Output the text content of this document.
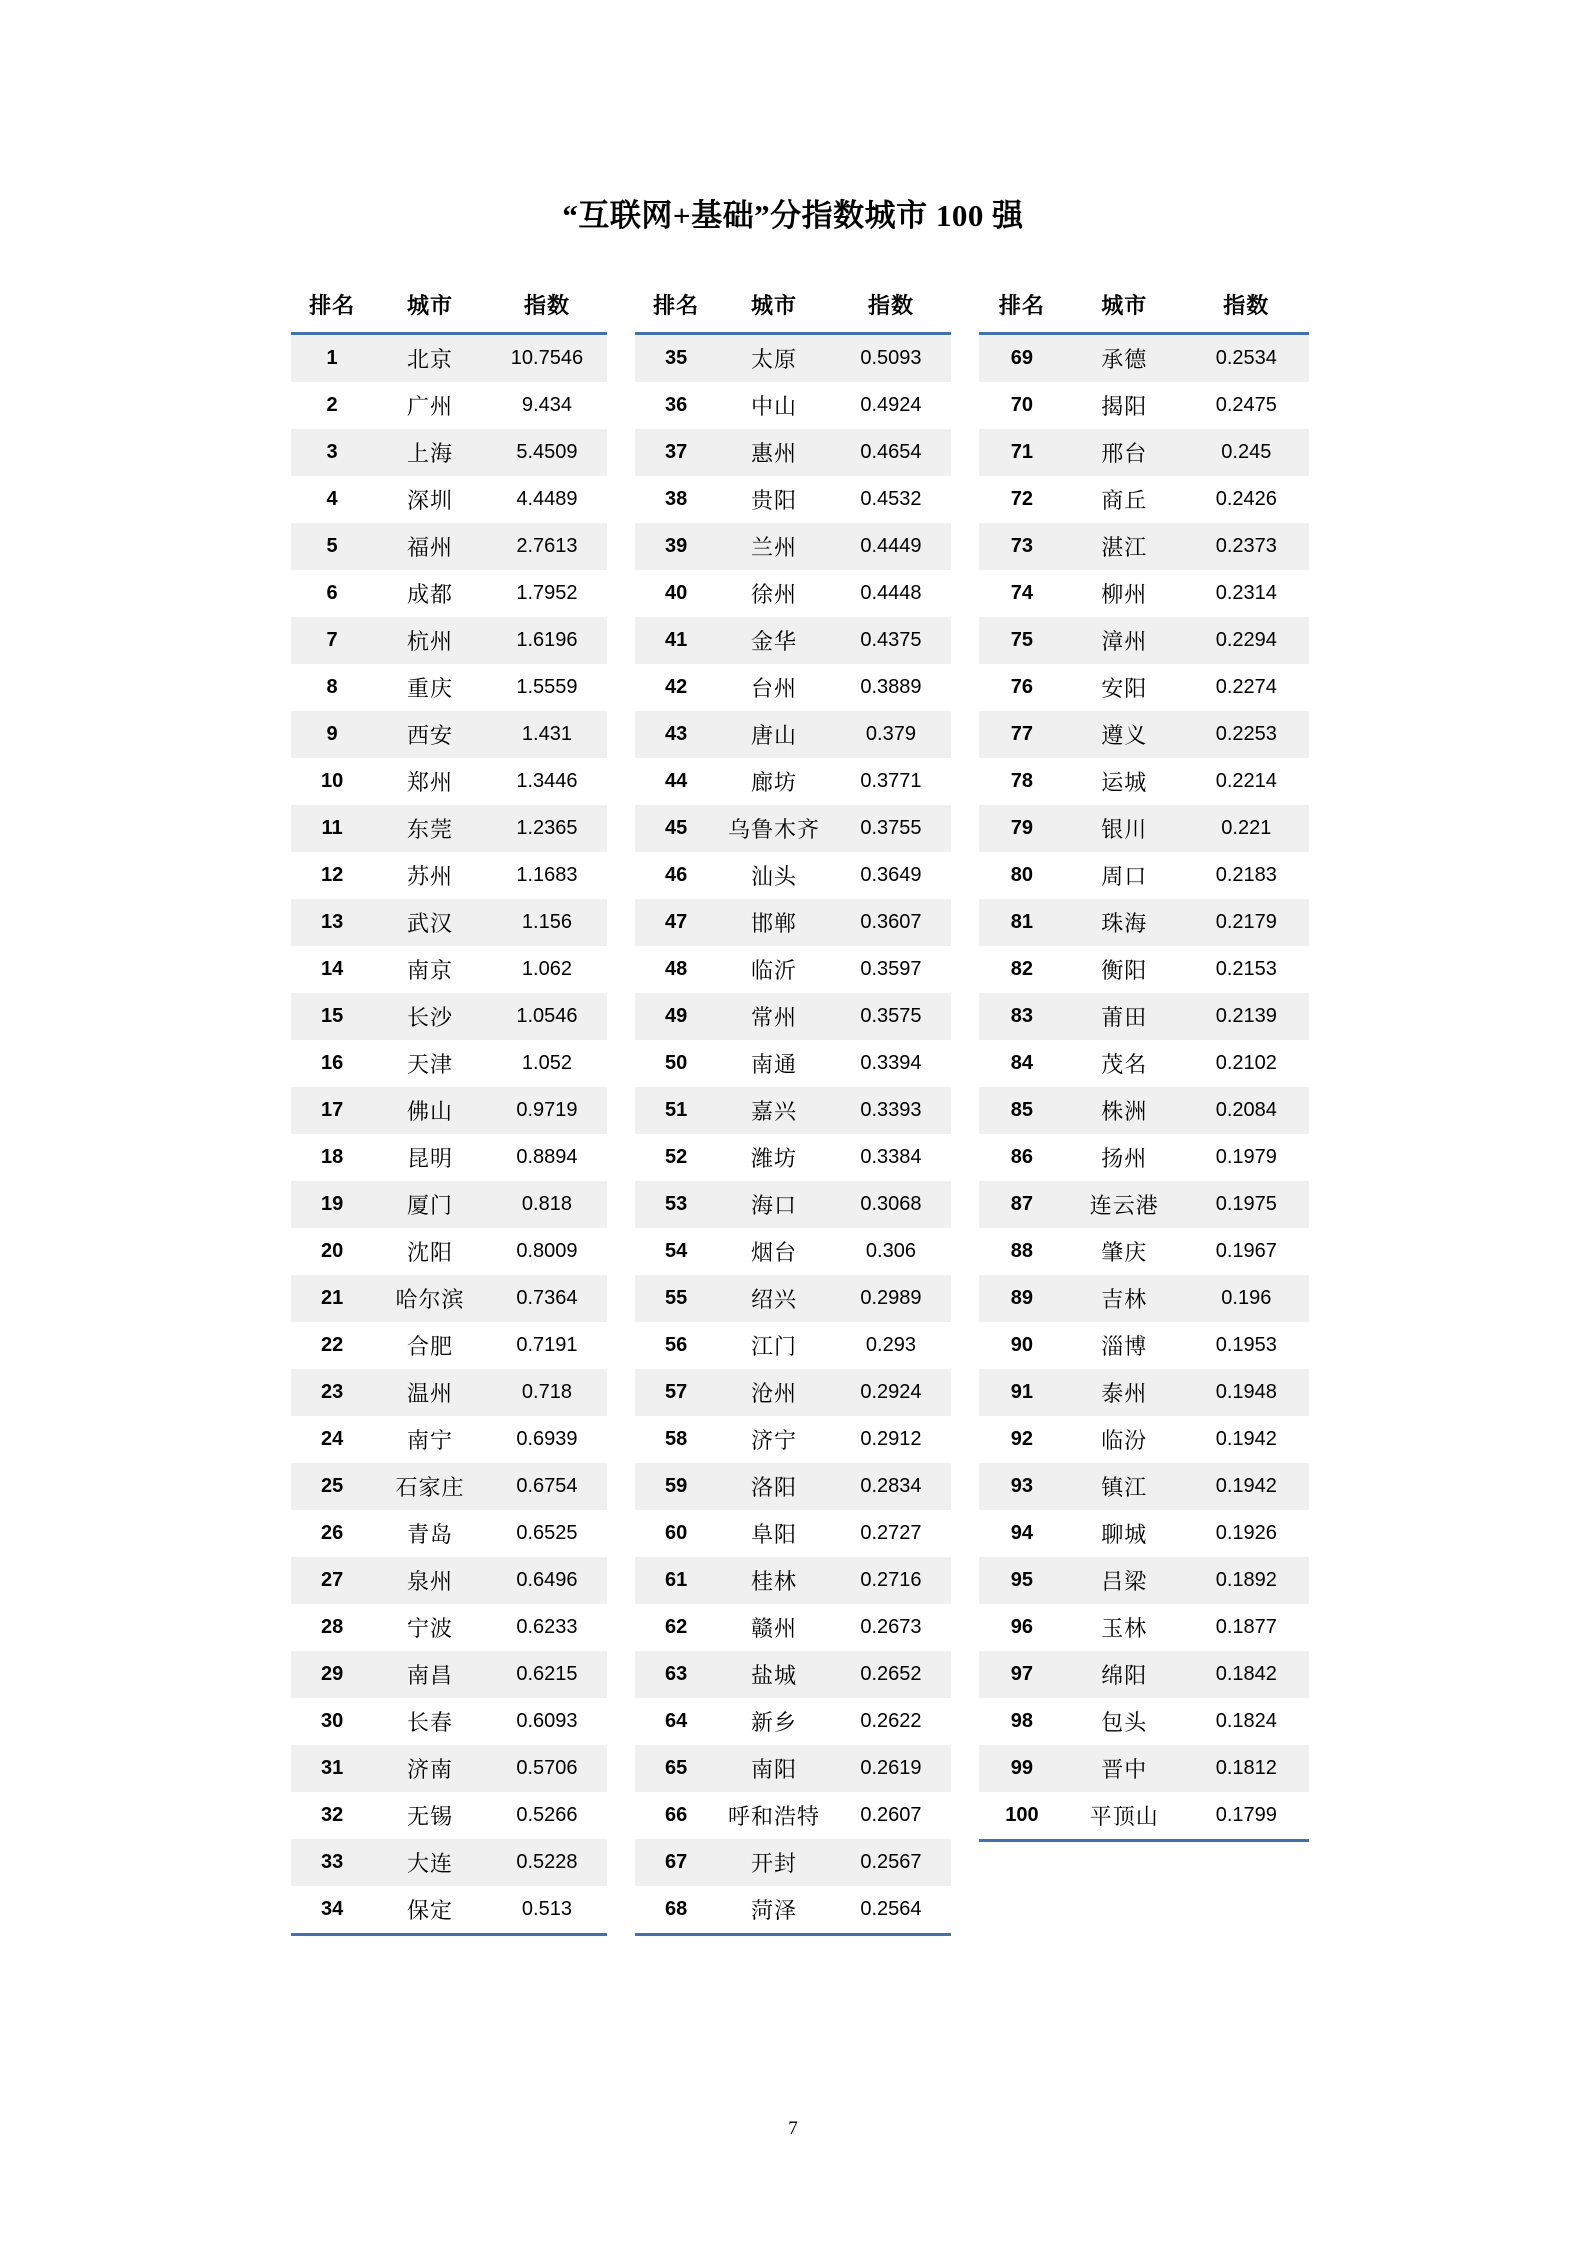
“互联网+基础”分指数城市 100 强
排名	城市	指数
1	北京	10.7546
2	广州	9.434
3	上海	5.4509
4	深圳	4.4489
5	福州	2.7613
6	成都	1.7952
7	杭州	1.6196
8	重庆	1.5559
9	西安	1.431
10	郑州	1.3446
11	东莞	1.2365
12	苏州	1.1683
13	武汉	1.156
14	南京	1.062
15	长沙	1.0546
16	天津	1.052
17	佛山	0.9719
18	昆明	0.8894
19	厦门	0.818
20	沈阳	0.8009
21	哈尔滨	0.7364
22	合肥	0.7191
23	温州	0.718
24	南宁	0.6939
25	石家庄	0.6754
26	青岛	0.6525
27	泉州	0.6496
28	宁波	0.6233
29	南昌	0.6215
30	长春	0.6093
31	济南	0.5706
32	无锡	0.5266
33	大连	0.5228
34	保定	0.513
排名	城市	指数
35	太原	0.5093
36	中山	0.4924
37	惠州	0.4654
38	贵阳	0.4532
39	兰州	0.4449
40	徐州	0.4448
41	金华	0.4375
42	台州	0.3889
43	唐山	0.379
44	廊坊	0.3771
45	乌鲁木齐	0.3755
46	汕头	0.3649
47	邯郸	0.3607
48	临沂	0.3597
49	常州	0.3575
50	南通	0.3394
51	嘉兴	0.3393
52	潍坊	0.3384
53	海口	0.3068
54	烟台	0.306
55	绍兴	0.2989
56	江门	0.293
57	沧州	0.2924
58	济宁	0.2912
59	洛阳	0.2834
60	阜阳	0.2727
61	桂林	0.2716
62	赣州	0.2673
63	盐城	0.2652
64	新乡	0.2622
65	南阳	0.2619
66	呼和浩特	0.2607
67	开封	0.2567
68	菏泽	0.2564
排名	城市	指数
69	承德	0.2534
70	揭阳	0.2475
71	邢台	0.245
72	商丘	0.2426
73	湛江	0.2373
74	柳州	0.2314
75	漳州	0.2294
76	安阳	0.2274
77	遵义	0.2253
78	运城	0.2214
79	银川	0.221
80	周口	0.2183
81	珠海	0.2179
82	衡阳	0.2153
83	莆田	0.2139
84	茂名	0.2102
85	株洲	0.2084
86	扬州	0.1979
87	连云港	0.1975
88	肇庆	0.1967
89	吉林	0.196
90	淄博	0.1953
91	泰州	0.1948
92	临汾	0.1942
93	镇江	0.1942
94	聊城	0.1926
95	吕梁	0.1892
96	玉林	0.1877
97	绵阳	0.1842
98	包头	0.1824
99	晋中	0.1812
100	平顶山	0.1799
7
